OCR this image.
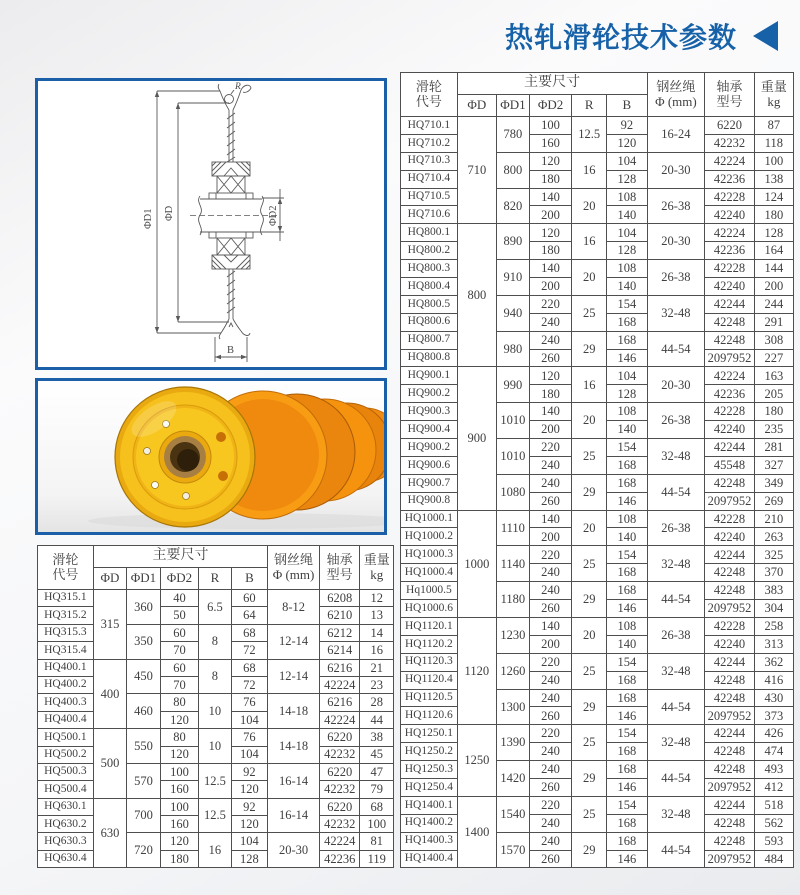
热轧滑轮技术参数
ΦD1 ΦD	ΦD2
R
B
滑轮
代号	主要尺寸					钢丝绳
Φ (mm)	轴承
型号	重量
kg
	ΦD	ΦD1	ΦD2	R	B			
HQ710.1	710	780	100	12.5	92	16-24	6220	87
HQ710.2			160		120		42232	118
HQ710.3		800	120	16	104	20-30	42224	100
HQ710.4			180		128		42236	138
HQ710.5		820	140	20	108	26-38	42228	124
HQ710.6			200		140		42240	180
HQ800.1	800	890	120	16	104	20-30	42224	128
HQ800.2			180		128		42236	164
HQ800.3		910	140	20	108	26-38	42228	144
HQ800.4			200		140		42240	200
HQ800.5		940	220	25	154	32-48	42244	244
HQ800.6			240		168		42248	291
HQ800.7		980	240	29	168	44-54	42248	308
HQ800.8			260		146		2097952	227
HQ900.1	900	990	120	16	104	20-30	42224	163
HQ900.2			180		128		42236	205
HQ900.3		1010	140	20	108	26-38	42228	180
HQ900.4			200		140		42240	235
HQ900.2		1010	220	25	154	32-48	42244	281
HQ900.6			240		168		45548	327
HQ900.7		1080	240	29	168	44-54	42248	349
HQ900.8			260		146		2097952	269
HQ1000.1	1000	1110	140	20	108	26-38	42228	210
HQ1000.2			200		140		42240	263
HQ1000.3		1140	220	25	154	32-48	42244	325
HQ1000.4			240		168		42248	370
Hq1000.5		1180	240	29	168	44-54	42248	383
HQ1000.6			260		146		2097952	304
HQ1120.1	1120	1230	140	20	108	26-38	42228	258
HQ1120.2			200		140		42240	313
HQ1120.3		1260	220	25	154	32-48	42244	362
HQ1120.4			240		168		42248	416
HQ1120.5		1300	240	29	168	44-54	42248	430
HQ1120.6			260		146		2097952	373
HQ1250.1	1250	1390	220	25	154	32-48	42244	426
HQ1250.2			240		168		42248	474
HQ1250.3		1420	240	29	168	44-54	42248	493
HQ1250.4			260		146		2097952	412
HQ1400.1	1400	1540	220	25	154	32-48	42244	518
HQ1400.2			240		168		42248	562
HQ1400.3		1570	240	29	168	44-54	42248	593
HQ1400.4			260		146		2097952	484
滑轮
代号	主要尺寸					钢丝绳
Φ (mm)	轴承
型号	重量
kg
	ΦD	ΦD1	ΦD2	R	B			
HQ315.1	315	360	40	6.5	60	8-12	6208	12
HQ315.2			50		64		6210	13
HQ315.3		350	60	8	68	12-14	6212	14
HQ315.4			70		72		6214	16
HQ400.1	400	450	60	8	68	12-14	6216	21
HQ400.2			70		72		42224	23
HQ400.3		460	80	10	76	14-18	6216	28
HQ400.4			120		104		42224	44
HQ500.1	500	550	80	10	76	14-18	6220	38
HQ500.2			120		104		42232	45
HQ500.3		570	100	12.5	92	16-14	6220	47
HQ500.4			160		120		42232	79
HQ630.1	630	700	100	12.5	92	16-14	6220	68
HQ630.2			160		120		42232	100
HQ630.3		720	120	16	104	20-30	42224	81
HQ630.4			180		128		42236	119
